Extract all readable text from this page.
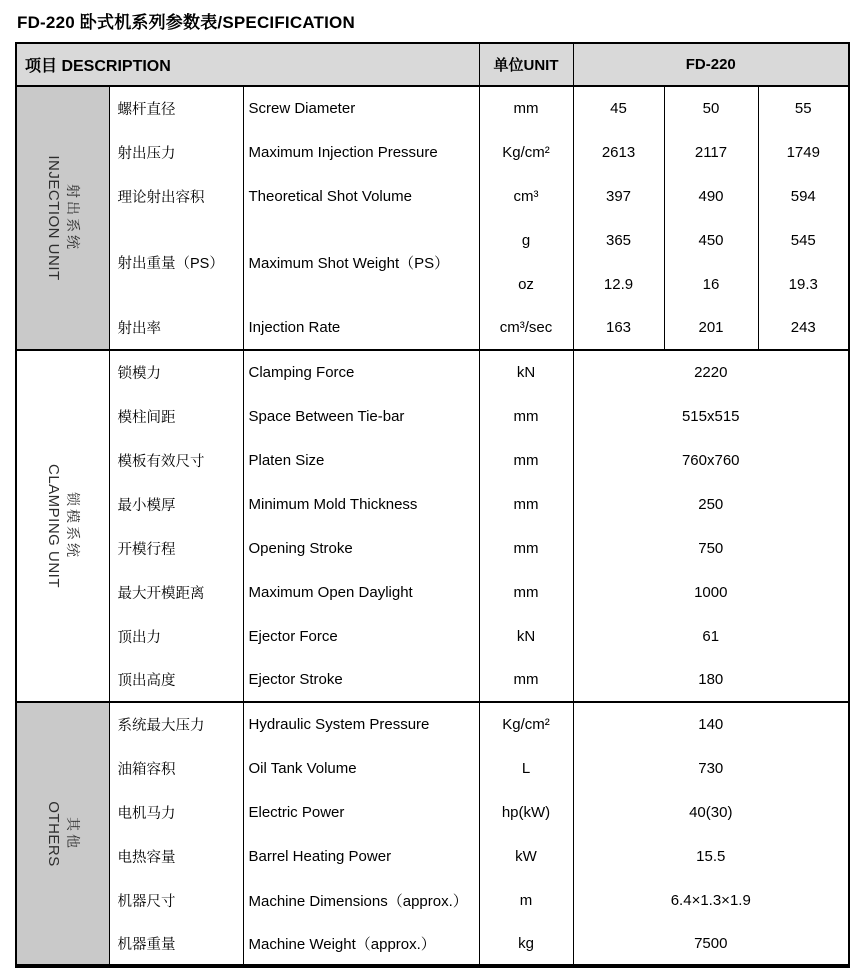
FD-220 卧式机系列参数表/SPECIFICATION
项目 DESCRIPTION			单位UNIT	FD-220		

射出系统
INJECTION UNIT	螺杆直径	Screw Diameter	mm	45	50	55
	射出压力	Maximum Injection Pressure	Kg/cm²	2613	2117	1749
	理论射出容积	Theoretical Shot Volume	cm³	397	490	594
	射出重量（PS）	Maximum Shot Weight（PS）	g	365	450	545
			oz	12.9	16	19.3
	射出率	Injection Rate	cm³/sec	163	201	243

锁模系统
CLAMPING UNIT	锁模力	Clamping Force	kN	2220		
	模柱间距	Space Between Tie-bar	mm	515x515		
	模板有效尺寸	Platen Size	mm	760x760		
	最小模厚	Minimum Mold Thickness	mm	250		
	开模行程	Opening Stroke	mm	750		
	最大开模距离	Maximum Open Daylight	mm	1000		
	顶出力	Ejector Force	kN	61		
	顶出高度	Ejector Stroke	mm	180		

其他
OTHERS	系统最大压力	Hydraulic System Pressure	Kg/cm²	140		
	油箱容积	Oil Tank Volume	L	730		
	电机马力	Electric Power	hp(kW)	40(30)		
	电热容量	Barrel Heating Power	kW	15.5		
	机器尺寸	Machine Dimensions（approx.）	m	6.4×1.3×1.9		
	机器重量	Machine Weight（approx.）	kg	7500		
